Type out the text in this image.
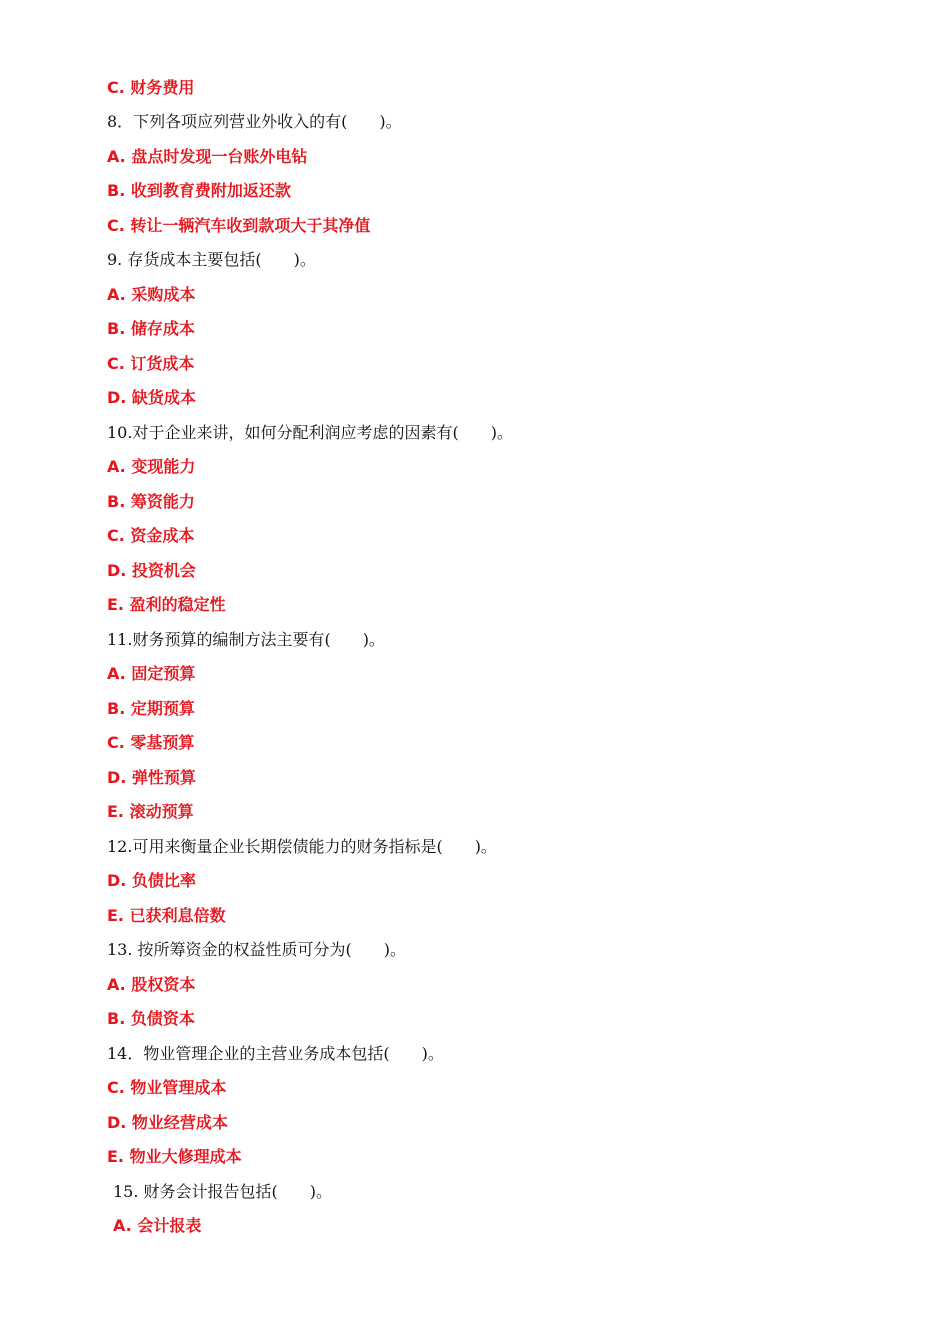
C. 财务费用
8．下列各项应列营业外收入的有(　　)。
A. 盘点时发现一台账外电钻
B. 收到教育费附加返还款
C. 转让一辆汽车收到款项大于其净值
9. 存货成本主要包括(　　)。
A. 采购成本
B. 储存成本
C. 订货成本
D. 缺货成本
10.对于企业来讲，如何分配利润应考虑的因素有(　　)。
A. 变现能力
B. 筹资能力
C. 资金成本
D. 投资机会
E. 盈利的稳定性
11.财务预算的编制方法主要有(　　)。
A. 固定预算
B. 定期预算
C. 零基预算
D. 弹性预算
E. 滚动预算
12.可用来衡量企业长期偿债能力的财务指标是(　　)。
D. 负债比率
E. 已获利息倍数
13. 按所筹资金的权益性质可分为(　　)。
A. 股权资本
B. 负债资本
14．物业管理企业的主营业务成本包括(　　)。
C. 物业管理成本
D. 物业经营成本
E. 物业大修理成本
15. 财务会计报告包括(　　)。
A. 会计报表
